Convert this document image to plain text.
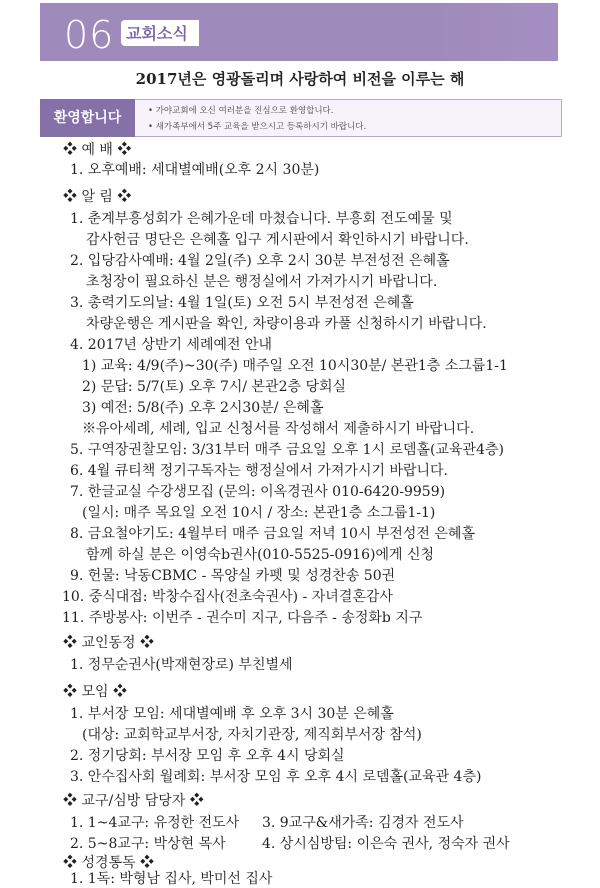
06 교회소식
2017년은 영광돌리며 사랑하여 비전을 이루는 해
환영합니다	• 가야교회에 오신 여러분을 진심으로 환영합니다.
• 새가족부에서 5주 교육을 받으시고 등록하시기 바랍니다.
❖ 예 배 ❖
1. 오후예배: 세대별예배(오후 2시 30분)
❖ 알 림 ❖
1. 춘계부흥성회가 은혜가운데 마쳤습니다. 부흥회 전도예물 및
감사헌금 명단은 은혜홀 입구 게시판에서 확인하시기 바랍니다.
2. 입당감사예배: 4월 2일(주) 오후 2시 30분 부전성전 은혜홀
초청장이 필요하신 분은 행정실에서 가져가시기 바랍니다.
3. 총력기도의날: 4월 1일(토) 오전 5시 부전성전 은혜홀
차량운행은 게시판을 확인, 차량이용과 카풀 신청하시기 바랍니다.
4. 2017년 상반기 세례예전 안내
1) 교육: 4/9(주)~30(주) 매주일 오전 10시30분/ 본관1층 소그룹1-1
2) 문답: 5/7(토) 오후 7시/ 본관2층 당회실
3) 예전: 5/8(주) 오후 2시30분/ 은혜홀
※유아세례, 세례, 입교 신청서를 작성해서 제출하시기 바랍니다.
5. 구역장권찰모임: 3/31부터 매주 금요일 오후 1시 로뎀홀(교육관4층)
6. 4월 큐티책 정기구독자는 행정실에서 가져가시기 바랍니다.
7. 한글교실 수강생모집 (문의: 이옥경권사 010-6420-9959)
(일시: 매주 목요일 오전 10시 / 장소: 본관1층 소그룹1-1)
8. 금요철야기도: 4월부터 매주 금요일 저녁 10시 부전성전 은혜홀
함께 하실 분은 이영숙b권사(010-5525-0916)에게 신청
9. 헌물: 낙동CBMC - 목양실 카펫 및 성경찬송 50권
10. 중식대접: 박창수집사(전초숙권사) - 자녀결혼감사
11. 주방봉사: 이번주 - 권수미 지구, 다음주 - 송정화b 지구
❖ 교인동정 ❖
1. 정무순권사(박재현장로) 부친별세
❖ 모임 ❖
1. 부서장 모임: 세대별예배 후 오후 3시 30분 은혜홀
(대상: 교회학교부서장, 자치기관장, 제직회부서장 참석)
2. 정기당회: 부서장 모임 후 오후 4시 당회실
3. 안수집사회 월례회: 부서장 모임 후 오후 4시 로뎀홀(교육관 4층)
❖ 교구/심방 담당자 ❖
1. 1~4교구: 유정한 전도사
2. 5~8교구: 박상현 목사
3. 9교구&새가족: 김경자 전도사
4. 상시심방팀: 이은숙 권사, 정숙자 권사
❖ 성경통독 ❖
1. 1독: 박형남 집사, 박미선 집사
